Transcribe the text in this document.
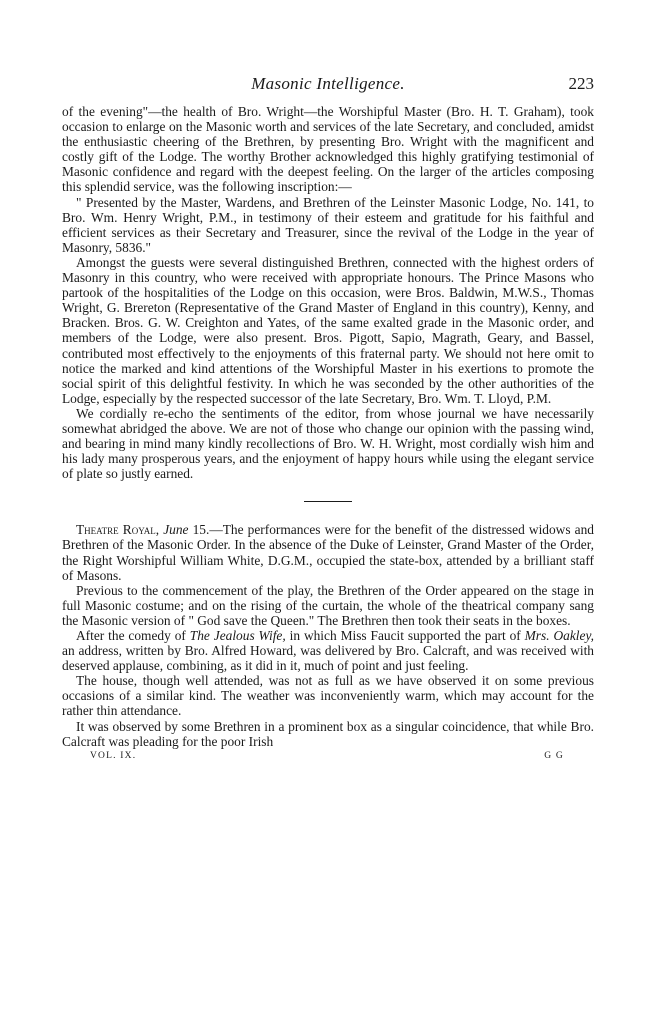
Masonic Intelligence.	223

of the evening"—the health of Bro. Wright—the Worshipful Master (Bro. H. T. Graham), took occasion to enlarge on the Masonic worth and services of the late Secretary, and concluded, amidst the enthusiastic cheering of the Brethren, by presenting Bro. Wright with the magnificent and costly gift of the Lodge. The worthy Brother acknowledged this highly gratifying testimonial of Masonic confidence and regard with the deepest feeling. On the larger of the articles composing this splendid service, was the following inscription:—

" Presented by the Master, Wardens, and Brethren of the Leinster Masonic Lodge, No. 141, to Bro. Wm. Henry Wright, P.M., in testimony of their esteem and gratitude for his faithful and efficient services as their Secretary and Treasurer, since the revival of the Lodge in the year of Masonry, 5836."

Amongst the guests were several distinguished Brethren, connected with the highest orders of Masonry in this country, who were received with appropriate honours. The Prince Masons who partook of the hospitalities of the Lodge on this occasion, were Bros. Baldwin, M.W.S., Thomas Wright, G. Brereton (Representative of the Grand Master of England in this country), Kenny, and Bracken. Bros. G. W. Creighton and Yates, of the same exalted grade in the Masonic order, and members of the Lodge, were also present. Bros. Pigott, Sapio, Magrath, Geary, and Bassel, contributed most effectively to the enjoyments of this fraternal party. We should not here omit to notice the marked and kind attentions of the Worshipful Master in his exertions to promote the social spirit of this delightful festivity. In which he was seconded by the other authorities of the Lodge, especially by the respected successor of the late Secretary, Bro. Wm. T. Lloyd, P.M.

We cordially re-echo the sentiments of the editor, from whose journal we have necessarily somewhat abridged the above. We are not of those who change our opinion with the passing wind, and bearing in mind many kindly recollections of Bro. W. H. Wright, most cordially wish him and his lady many prosperous years, and the enjoyment of happy hours while using the elegant service of plate so justly earned.

Theatre Royal, June 15.—The performances were for the benefit of the distressed widows and Brethren of the Masonic Order. In the absence of the Duke of Leinster, Grand Master of the Order, the Right Worshipful William White, D.G.M., occupied the state-box, attended by a brilliant staff of Masons.

Previous to the commencement of the play, the Brethren of the Order appeared on the stage in full Masonic costume; and on the rising of the curtain, the whole of the theatrical company sang the Masonic version of " God save the Queen." The Brethren then took their seats in the boxes.

After the comedy of The Jealous Wife, in which Miss Faucit supported the part of Mrs. Oakley, an address, written by Bro. Alfred Howard, was delivered by Bro. Calcraft, and was received with deserved applause, combining, as it did in it, much of point and just feeling.

The house, though well attended, was not as full as we have observed it on some previous occasions of a similar kind. The weather was inconveniently warm, which may account for the rather thin attendance.

It was observed by some Brethren in a prominent box as a singular coincidence, that while Bro. Calcraft was pleading for the poor Irish

VOL. IX.	G G
